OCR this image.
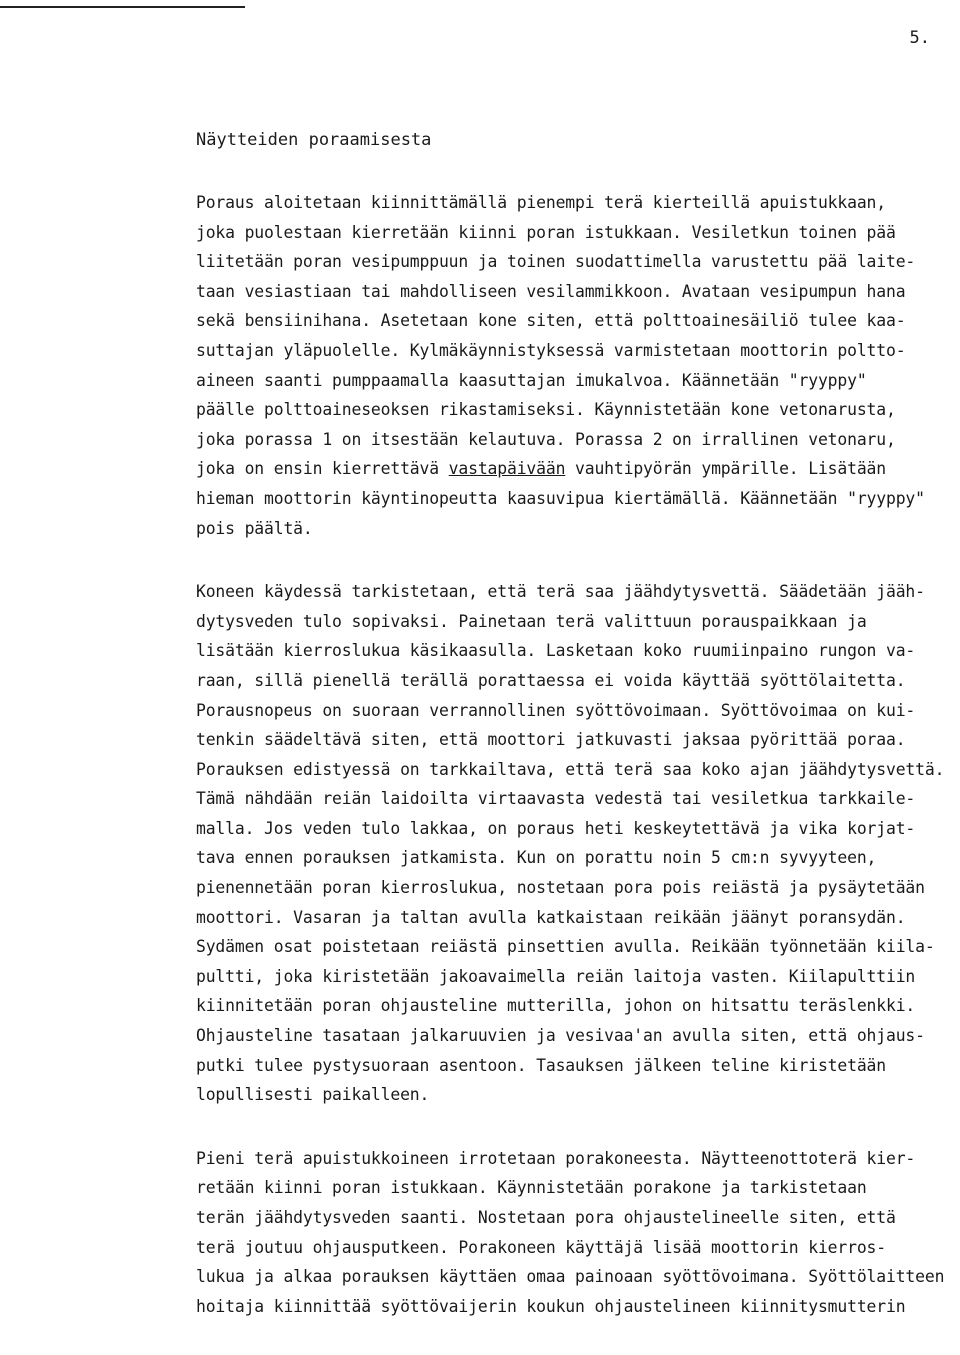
5.
Näytteiden poraamisesta
Poraus aloitetaan kiinnittämällä pienempi terä kierteillä apuistukkaan,
joka puolestaan kierretään kiinni poran istukkaan. Vesiletkun toinen pää
liitetään poran vesipumppuun ja toinen suodattimella varustettu pää laite-
taan vesiastiaan tai mahdolliseen vesilammikkoon. Avataan vesipumpun hana
sekä bensiinihana. Asetetaan kone siten, että polttoainesäiliö tulee kaa-
suttajan yläpuolelle. Kylmäkäynnistyksessä varmistetaan moottorin poltto-
aineen saanti pumppaamalla kaasuttajan imukalvoa. Käännetään "ryyppy"
päälle polttoaineseoksen rikastamiseksi. Käynnistetään kone vetonarusta,
joka porassa 1 on itsestään kelautuva. Porassa 2 on irrallinen vetonaru,
joka on ensin kierrettävä vastapäivään vauhtipyörän ympärille. Lisätään
hieman moottorin käyntinopeutta kaasuvipua kiertämällä. Käännetään "ryyppy"
pois päältä.
Koneen käydessä tarkistetaan, että terä saa jäähdytysvettä. Säädetään jääh-
dytysveden tulo sopivaksi. Painetaan terä valittuun porauspaikkaan ja
lisätään kierroslukua käsikaasulla. Lasketaan koko ruumiinpaino rungon va-
raan, sillä pienellä terällä porattaessa ei voida käyttää syöttölaitetta.
Porausnopeus on suoraan verrannollinen syöttövoimaan. Syöttövoimaa on kui-
tenkin säädeltävä siten, että moottori jatkuvasti jaksaa pyörittää poraa.
Porauksen edistyessä on tarkkailtava, että terä saa koko ajan jäähdytysvettä.
Tämä nähdään reiän laidoilta virtaavasta vedestä tai vesiletkua tarkkaile-
malla. Jos veden tulo lakkaa, on poraus heti keskeytettävä ja vika korjat-
tava ennen porauksen jatkamista. Kun on porattu noin 5 cm:n syvyyteen,
pienennetään poran kierroslukua, nostetaan pora pois reiästä ja pysäytetään
moottori. Vasaran ja taltan avulla katkaistaan reikään jäänyt poransydän.
Sydämen osat poistetaan reiästä pinsettien avulla. Reikään työnnetään kiila-
pultti, joka kiristetään jakoavaimella reiän laitoja vasten. Kiilapulttiin
kiinnitetään poran ohjausteline mutterilla, johon on hitsattu teräslenkki.
Ohjausteline tasataan jalkaruuvien ja vesivaa'an avulla siten, että ohjaus-
putki tulee pystysuoraan asentoon. Tasauksen jälkeen teline kiristetään
lopullisesti paikalleen.
Pieni terä apuistukkoineen irrotetaan porakoneesta. Näytteenottoterä kier-
retään kiinni poran istukkaan. Käynnistetään porakone ja tarkistetaan
terän jäähdytysveden saanti. Nostetaan pora ohjaustelineelle siten, että
terä joutuu ohjausputkeen. Porakoneen käyttäjä lisää moottorin kierros-
lukua ja alkaa porauksen käyttäen omaa painoaan syöttövoimana. Syöttölaitteen
hoitaja kiinnittää syöttövaijerin koukun ohjaustelineen kiinnitysmutterin
